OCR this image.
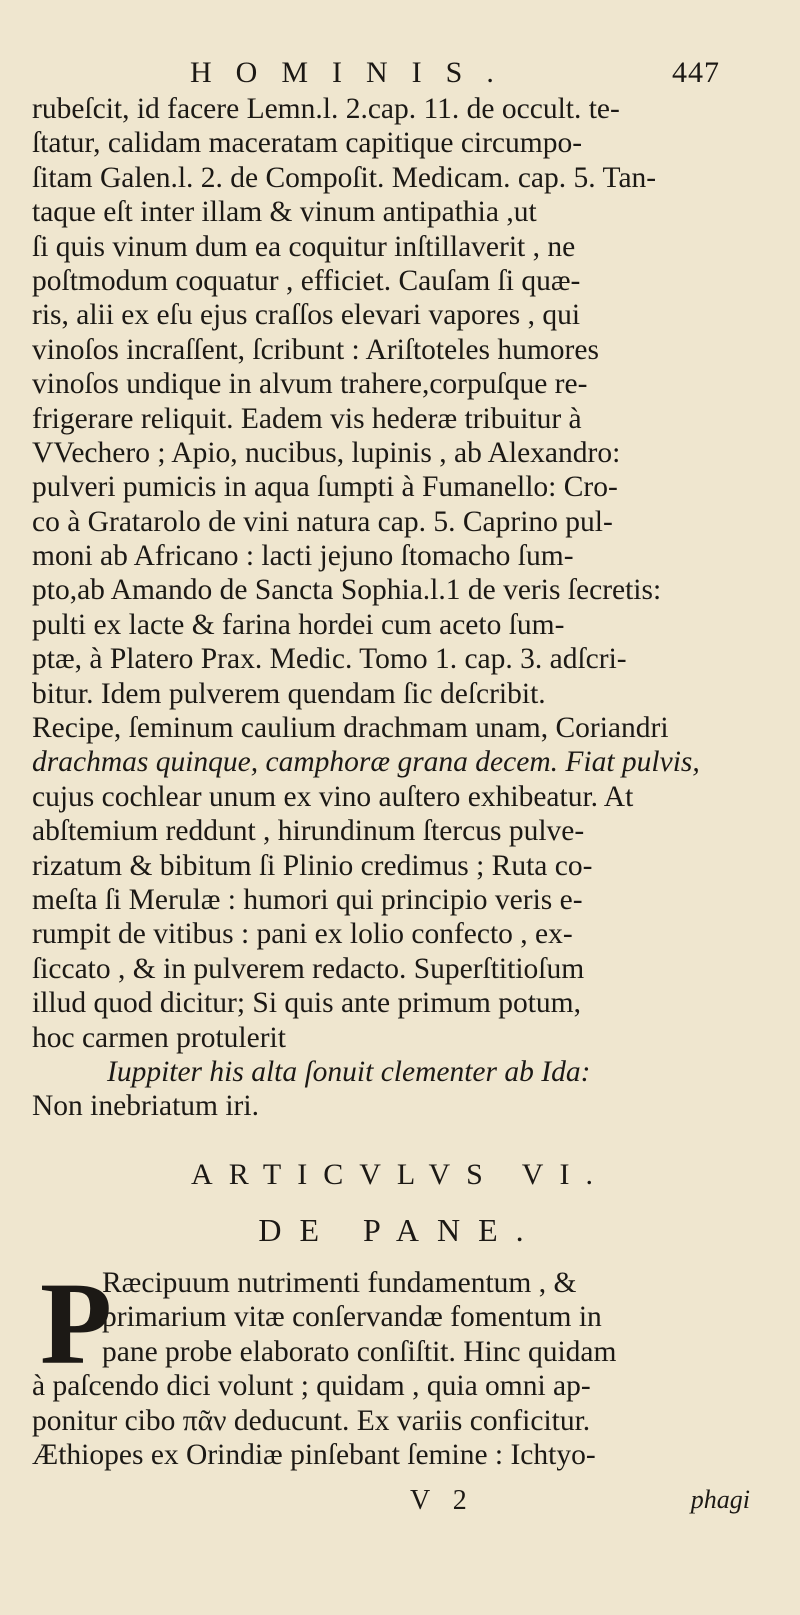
HOMINIS.	447
rubeſcit, id facere Lemn.l. 2.cap. 11. de occult. te-
ſtatur, calidam maceratam capitique circumpo-
ſitam Galen.l. 2. de Compoſit. Medicam. cap. 5. Tan-
taque eſt inter illam & vinum antipathia ,ut
ſi quis vinum dum ea coquitur inſtillaverit , ne
poſtmodum coquatur , efficiet. Cauſam ſi quæ-
ris, alii ex eſu ejus craſſos elevari vapores , qui
vinoſos incraſſent, ſcribunt : Ariſtoteles humores
vinoſos undique in alvum trahere,corpuſque re-
frigerare reliquit. Eadem vis hederæ tribuitur à
VVechero ; Apio, nucibus, lupinis , ab Alexandro:
pulveri pumicis in aqua ſumpti à Fumanello: Cro-
co à Gratarolo de vini natura cap. 5. Caprino pul-
moni ab Africano : lacti jejuno ſtomacho ſum-
pto,ab Amando de Sancta Sophia.l.1 de veris ſecretis:
pulti ex lacte & farina hordei cum aceto ſum-
ptæ, à Platero Prax. Medic. Tomo 1. cap. 3. adſcri-
bitur. Idem pulverem quendam ſic deſcribit.
Recipe, ſeminum caulium drachmam unam, Coriandri
drachmas quinque, camphoræ grana decem. Fiat pulvis,
cujus cochlear unum ex vino auſtero exhibeatur. At
abſtemium reddunt , hirundinum ſtercus pulve-
rizatum & bibitum ſi Plinio credimus ; Ruta co-
meſta ſi Merulæ : humori qui principio veris e-
rumpit de vitibus : pani ex lolio confecto , ex-
ſiccato , & in pulverem redacto. Superſtitioſum
illud quod dicitur; Si quis ante primum potum,
hoc carmen protulerit
Iuppiter his alta ſonuit clementer ab Ida:
Non inebriatum iri.
ARTICVLVS VI.
DE PANE.
P
Ræcipuum nutrimenti fundamentum , &
primarium vitæ conſervandæ fomentum in
pane probe elaborato conſiſtit. Hinc quidam
à paſcendo dici volunt ; quidam , quia omni ap-
ponitur cibo πᾶν deducunt. Ex variis conficitur.
Æthiopes ex Orindiæ pinſebant ſemine : Ichtyo-
V 2	phagi
